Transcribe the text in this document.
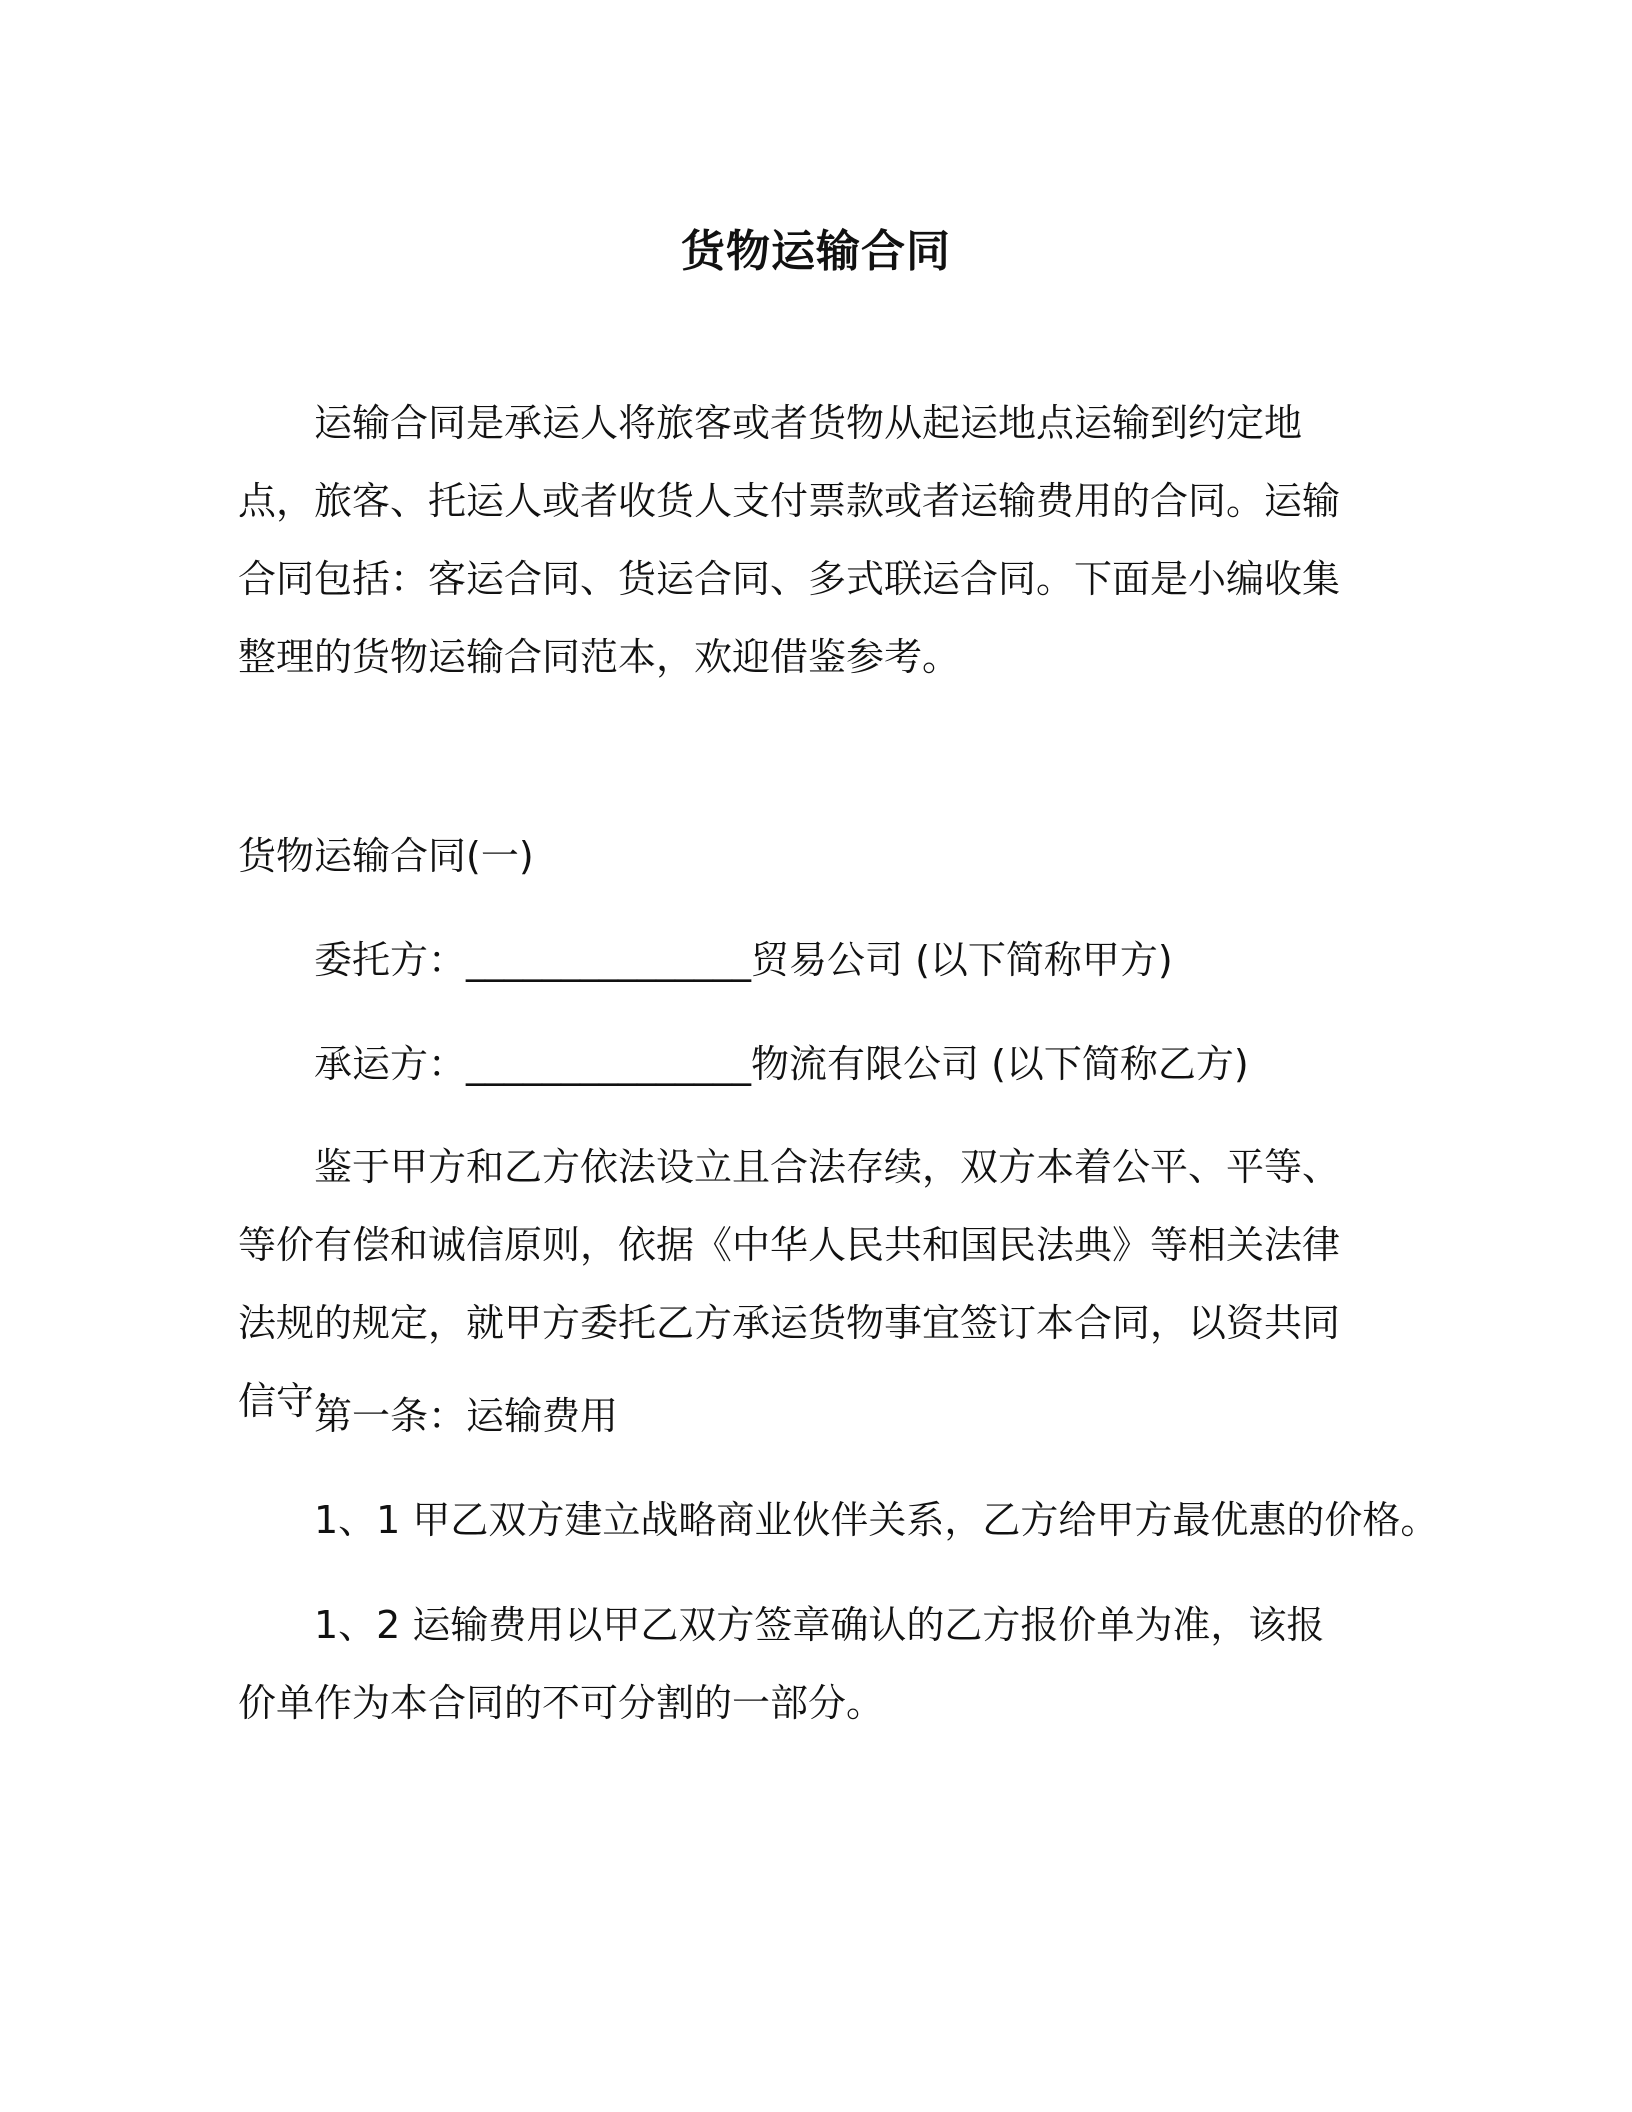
货物运输合同

运输合同是承运人将旅客或者货物从起运地点运输到约定地点，旅客、托运人或者收货人支付票款或者运输费用的合同。运输合同包括：客运合同、货运合同、多式联运合同。下面是小编收集整理的货物运输合同范本，欢迎借鉴参考。

货物运输合同(一)
委托方：_______________贸易公司 (以下简称甲方)
承运方：_______________物流有限公司 (以下简称乙方)

鉴于甲方和乙方依法设立且合法存续，双方本着公平、平等、等价有偿和诚信原则，依据《中华人民共和国民法典》等相关法律法规的规定，就甲方委托乙方承运货物事宜签订本合同，以资共同信守：

第一条：运输费用
1、1 甲乙双方建立战略商业伙伴关系，乙方给甲方最优惠的价格。

1、2 运输费用以甲乙双方签章确认的乙方报价单为准，该报价单作为本合同的不可分割的一部分。
